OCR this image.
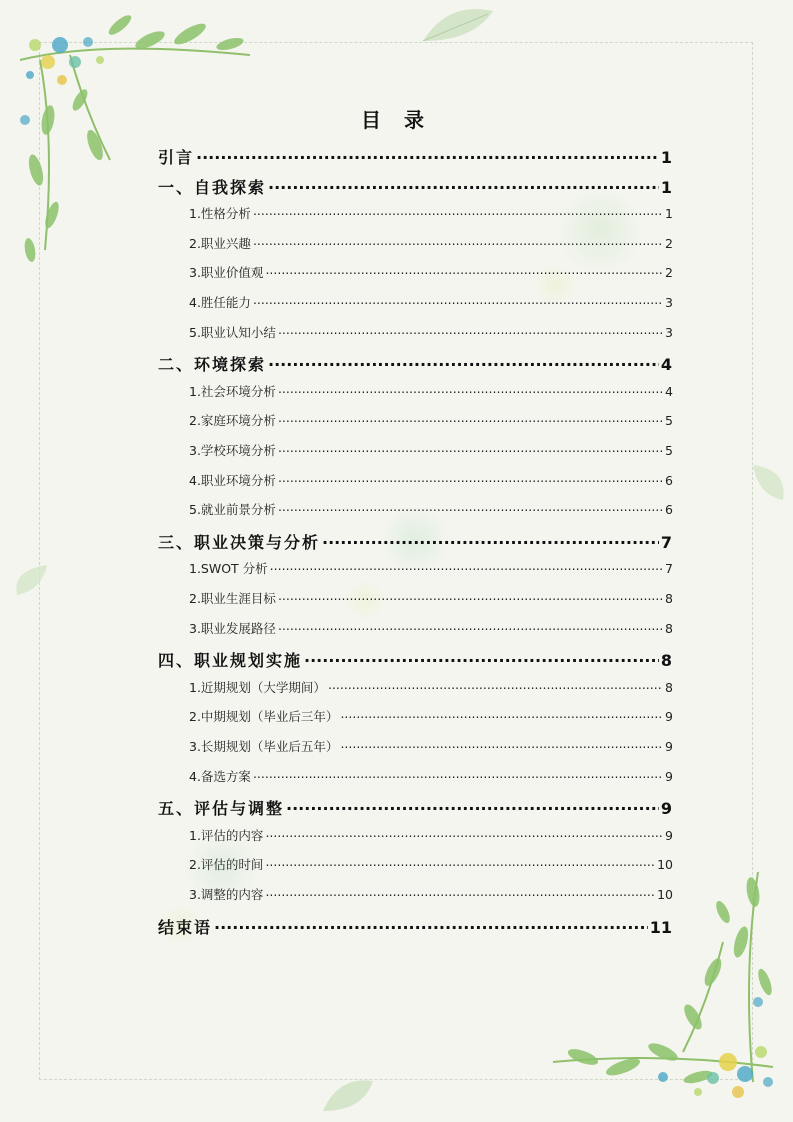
目 录
引言 .....	1
一、自我探索 .....	1
1.性格分析 .....	1
2.职业兴趣 .....	2
3.职业价值观 .....	2
4.胜任能力 .....	3
5.职业认知小结 .....	3
二、环境探索 .....	4
1.社会环境分析 .....	4
2.家庭环境分析 .....	5
3.学校环境分析 .....	5
4.职业环境分析 .....	6
5.就业前景分析 .....	6
三、职业决策与分析 .....	7
1.SWOT 分析 .....	7
2.职业生涯目标 .....	8
3.职业发展路径 .....	8
四、职业规划实施 .....	8
1.近期规划（大学期间） .....	8
2.中期规划（毕业后三年） .....	9
3.长期规划（毕业后五年） .....	9
4.备选方案 .....	9
五、评估与调整 .....	9
1.评估的内容 .....	9
2.评估的时间 .....	10
3.调整的内容 .....	10
结束语 .....	11
